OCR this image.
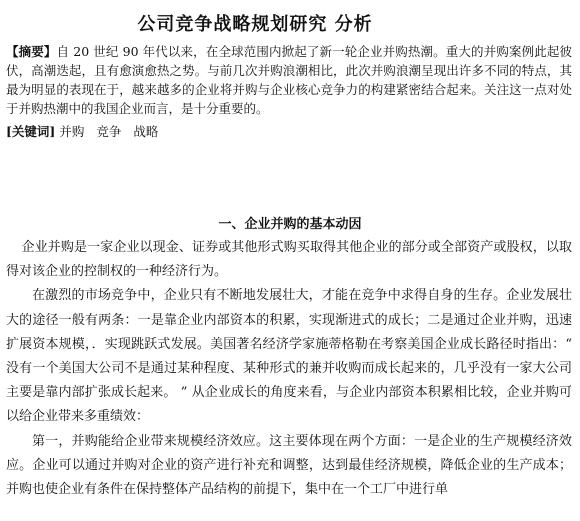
公司竞争战略规划研究 分析

【摘要】自 20 世纪 90 年代以来，在全球范围内掀起了新一轮企业并购热潮。重大的并购案例此起彼伏，高潮迭起，且有愈演愈热之势。与前几次并购浪潮相比，此次并购浪潮呈现出许多不同的特点，其最为明显的表现在于，越来越多的企业将并购与企业核心竞争力的构建紧密结合起来。关注这一点对处于并购热潮中的我国企业而言，是十分重要的。

[关键词] 并购 竞争 战略

一、企业并购的基本动因

企业并购是一家企业以现金、证券或其他形式购买取得其他企业的部分或全部资产或股权，以取得对该企业的控制权的一种经济行为。

在激烈的市场竞争中，企业只有不断地发展壮大，才能在竞争中求得自身的生存。企业发展壮大的途径一般有两条：一是靠企业内部资本的积累，实现渐进式的成长；二是通过企业并购，迅速扩展资本规模，．实现跳跃式发展。美国著名经济学家施蒂格勒在考察美国企业成长路径时指出：“ 没有一个美国大公司不是通过某种程度、某种形式的兼并收购而成长起来的，几乎没有一家大公司主要是靠内部扩张成长起来。 ” 从企业成长的角度来看，与企业内部资本积累相比较，企业并购可以给企业带来多重绩效：

第一，并购能给企业带来规模经济效应。这主要体现在两个方面：一是企业的生产规模经济效应。企业可以通过并购对企业的资产进行补充和调整，达到最佳经济规模，降低企业的生产成本；并购也使企业有条件在保持整体产品结构的前提下，集中在一个工厂中进行单
